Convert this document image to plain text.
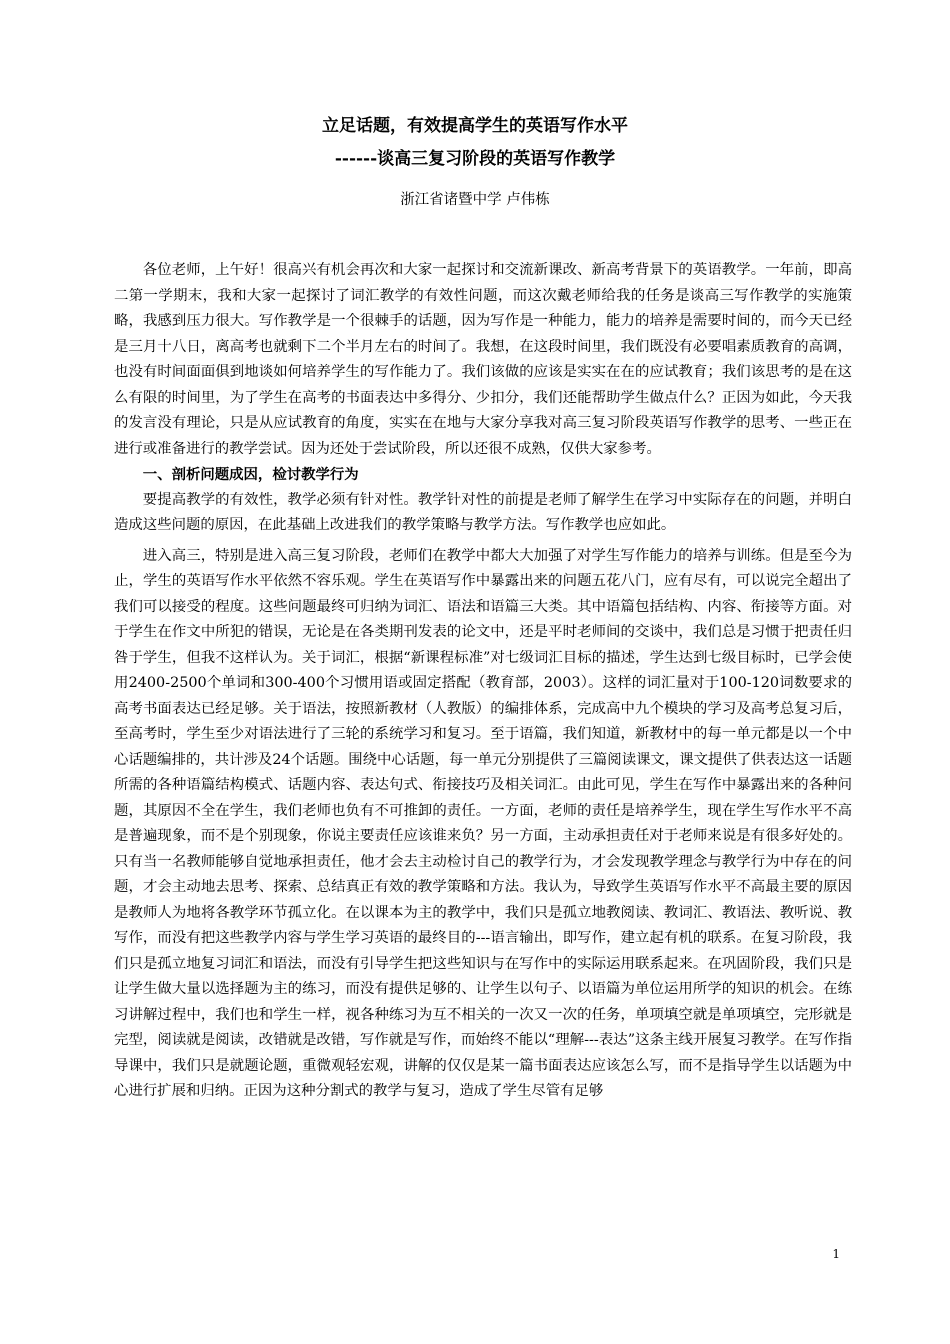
立足话题，有效提高学生的英语写作水平
------谈高三复习阶段的英语写作教学
浙江省诸暨中学 卢伟栋

各位老师，上午好！很高兴有机会再次和大家一起探讨和交流新课改、新高考背景下的英语教学。一年前，即高二第一学期末，我和大家一起探讨了词汇教学的有效性问题，而这次戴老师给我的任务是谈高三写作教学的实施策略，我感到压力很大。写作教学是一个很棘手的话题，因为写作是一种能力，能力的培养是需要时间的，而今天已经是三月十八日，离高考也就剩下二个半月左右的时间了。我想，在这段时间里，我们既没有必要唱素质教育的高调，也没有时间面面俱到地谈如何培养学生的写作能力了。我们该做的应该是实实在在的应试教育；我们该思考的是在这么有限的时间里，为了学生在高考的书面表达中多得分、少扣分，我们还能帮助学生做点什么？正因为如此，今天我的发言没有理论，只是从应试教育的角度，实实在在地与大家分享我对高三复习阶段英语写作教学的思考、一些正在进行或准备进行的教学尝试。因为还处于尝试阶段，所以还很不成熟，仅供大家参考。

一、剖析问题成因，检讨教学行为

要提高教学的有效性，教学必须有针对性。教学针对性的前提是老师了解学生在学习中实际存在的问题，并明白造成这些问题的原因，在此基础上改进我们的教学策略与教学方法。写作教学也应如此。

进入高三，特别是进入高三复习阶段，老师们在教学中都大大加强了对学生写作能力的培养与训练。但是至今为止，学生的英语写作水平依然不容乐观。学生在英语写作中暴露出来的问题五花八门，应有尽有，可以说完全超出了我们可以接受的程度。这些问题最终可归纳为词汇、语法和语篇三大类。其中语篇包括结构、内容、衔接等方面。对于学生在作文中所犯的错误，无论是在各类期刊发表的论文中，还是平时老师间的交谈中，我们总是习惯于把责任归咎于学生，但我不这样认为。关于词汇，根据“新课程标准”对七级词汇目标的描述，学生达到七级目标时，已学会使用2400-2500个单词和300-400个习惯用语或固定搭配（教育部，2003）。这样的词汇量对于100-120词数要求的高考书面表达已经足够。关于语法，按照新教材（人教版）的编排体系，完成高中九个模块的学习及高考总复习后，至高考时，学生至少对语法进行了三轮的系统学习和复习。至于语篇，我们知道，新教材中的每一单元都是以一个中心话题编排的，共计涉及24个话题。围绕中心话题，每一单元分别提供了三篇阅读课文，课文提供了供表达这一话题所需的各种语篇结构模式、话题内容、表达句式、衔接技巧及相关词汇。由此可见，学生在写作中暴露出来的各种问题，其原因不全在学生，我们老师也负有不可推卸的责任。一方面，老师的责任是培养学生，现在学生写作水平不高是普遍现象，而不是个别现象，你说主要责任应该谁来负？另一方面，主动承担责任对于老师来说是有很多好处的。只有当一名教师能够自觉地承担责任，他才会去主动检讨自己的教学行为，才会发现教学理念与教学行为中存在的问题，才会主动地去思考、探索、总结真正有效的教学策略和方法。我认为，导致学生英语写作水平不高最主要的原因是教师人为地将各教学环节孤立化。在以课本为主的教学中，我们只是孤立地教阅读、教词汇、教语法、教听说、教写作，而没有把这些教学内容与学生学习英语的最终目的---语言输出，即写作，建立起有机的联系。在复习阶段，我们只是孤立地复习词汇和语法，而没有引导学生把这些知识与在写作中的实际运用联系起来。在巩固阶段，我们只是让学生做大量以选择题为主的练习，而没有提供足够的、让学生以句子、以语篇为单位运用所学的知识的机会。在练习讲解过程中，我们也和学生一样，视各种练习为互不相关的一次又一次的任务，单项填空就是单项填空，完形就是完型，阅读就是阅读，改错就是改错，写作就是写作，而始终不能以“理解---表达”这条主线开展复习教学。在写作指导课中，我们只是就题论题，重微观轻宏观，讲解的仅仅是某一篇书面表达应该怎么写，而不是指导学生以话题为中心进行扩展和归纳。正因为这种分割式的教学与复习，造成了学生尽管有足够

1
